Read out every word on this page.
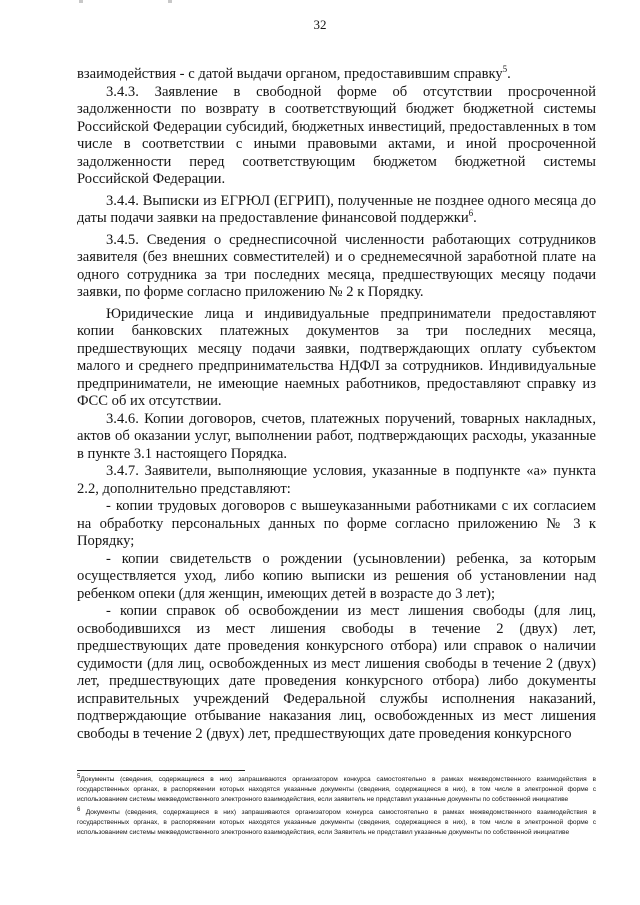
32

взаимодействия - с датой выдачи органом, предоставившим справку$^5$.

3.4.3. Заявление в свободной форме об отсутствии просроченной задолженности по возврату в соответствующий бюджет бюджетной системы Российской Федерации субсидий, бюджетных инвестиций, предоставленных в том числе в соответствии с иными правовыми актами, и иной просроченной задолженности перед соответствующим бюджетом бюджетной системы Российской Федерации.

3.4.4. Выписки из ЕГРЮЛ (ЕГРИП), полученные не позднее одного месяца до даты подачи заявки на предоставление финансовой поддержки$^6$.

3.4.5. Сведения о среднесписочной численности работающих сотрудников заявителя (без внешних совместителей) и о среднемесячной заработной плате на одного сотрудника за три последних месяца, предшествующих месяцу подачи заявки, по форме согласно приложению № 2 к Порядку.

Юридические лица и индивидуальные предприниматели предоставляют копии банковских платежных документов за три последних месяца, предшествующих месяцу подачи заявки, подтверждающих оплату субъектом малого и среднего предпринимательства НДФЛ за сотрудников. Индивидуальные предприниматели, не имеющие наемных работников, предоставляют справку из ФСС об их отсутствии.

3.4.6. Копии договоров, счетов, платежных поручений, товарных накладных, актов об оказании услуг, выполнении работ, подтверждающих расходы, указанные в пункте 3.1 настоящего Порядка.

3.4.7. Заявители, выполняющие условия, указанные в подпункте «а» пункта 2.2, дополнительно представляют:

- копии трудовых договоров с вышеуказанными работниками с их согласием на обработку персональных данных по форме согласно приложению № 3 к Порядку;

- копии свидетельств о рождении (усыновлении) ребенка, за которым осуществляется уход, либо копию выписки из решения об установлении над ребенком опеки (для женщин, имеющих детей в возрасте до 3 лет);

- копии справок об освобождении из мест лишения свободы (для лиц, освободившихся из мест лишения свободы в течение 2 (двух) лет, предшествующих дате проведения конкурсного отбора) или справок о наличии судимости (для лиц, освобожденных из мест лишения свободы в течение 2 (двух) лет, предшествующих дате проведения конкурсного отбора) либо документы исправительных учреждений Федеральной службы исполнения наказаний, подтверждающие отбывание наказания лиц, освобожденных из мест лишения свободы в течение 2 (двух) лет, предшествующих дате проведения конкурсного

5Документы (сведения, содержащиеся в них) запрашиваются организатором конкурса самостоятельно в рамках межведомственного взаимодействия в государственных органах, в распоряжении которых находятся указанные документы (сведения, содержащиеся в них), в том числе в электронной форме с использованием системы межведомственного электронного взаимодействия, если заявитель не представил указанные документы по собственной инициативе

6 Документы (сведения, содержащиеся в них) запрашиваются организатором конкурса самостоятельно в рамках межведомственного взаимодействия в государственных органах, в распоряжении которых находятся указанные документы (сведения, содержащиеся в них), в том числе в электронной форме с использованием системы межведомственного электронного взаимодействия, если Заявитель не представил указанные документы по собственной инициативе
